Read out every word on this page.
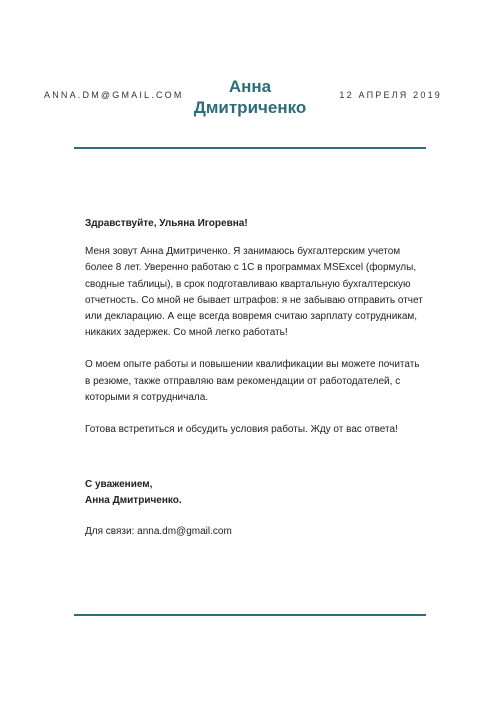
ANNA.DM@GMAIL.COM	Анна
Дмитриченко
12 АПРЕЛЯ 2019

Здравствуйте, Ульяна Игоревна!

Меня зовут Анна Дмитриченко. Я занимаюсь бухгалтерским учетом более 8 лет. Уверенно работаю с 1С в программах MSExcel (формулы, сводные таблицы), в срок подготавливаю квартальную бухгалтерскую отчетность. Со мной не бывает штрафов: я не забываю отправить отчет или декларацию. А еще всегда вовремя считаю зарплату сотрудникам, никаких задержек. Со мной легко работать!

О моем опыте работы и повышении квалификации вы можете почитать в резюме, также отправляю вам рекомендации от работодателей, с которыми я сотрудничала.

Готова встретиться и обсудить условия работы. Жду от вас ответа!

С уважением,
Анна Дмитриченко.
Для связи: anna.dm@gmail.com
